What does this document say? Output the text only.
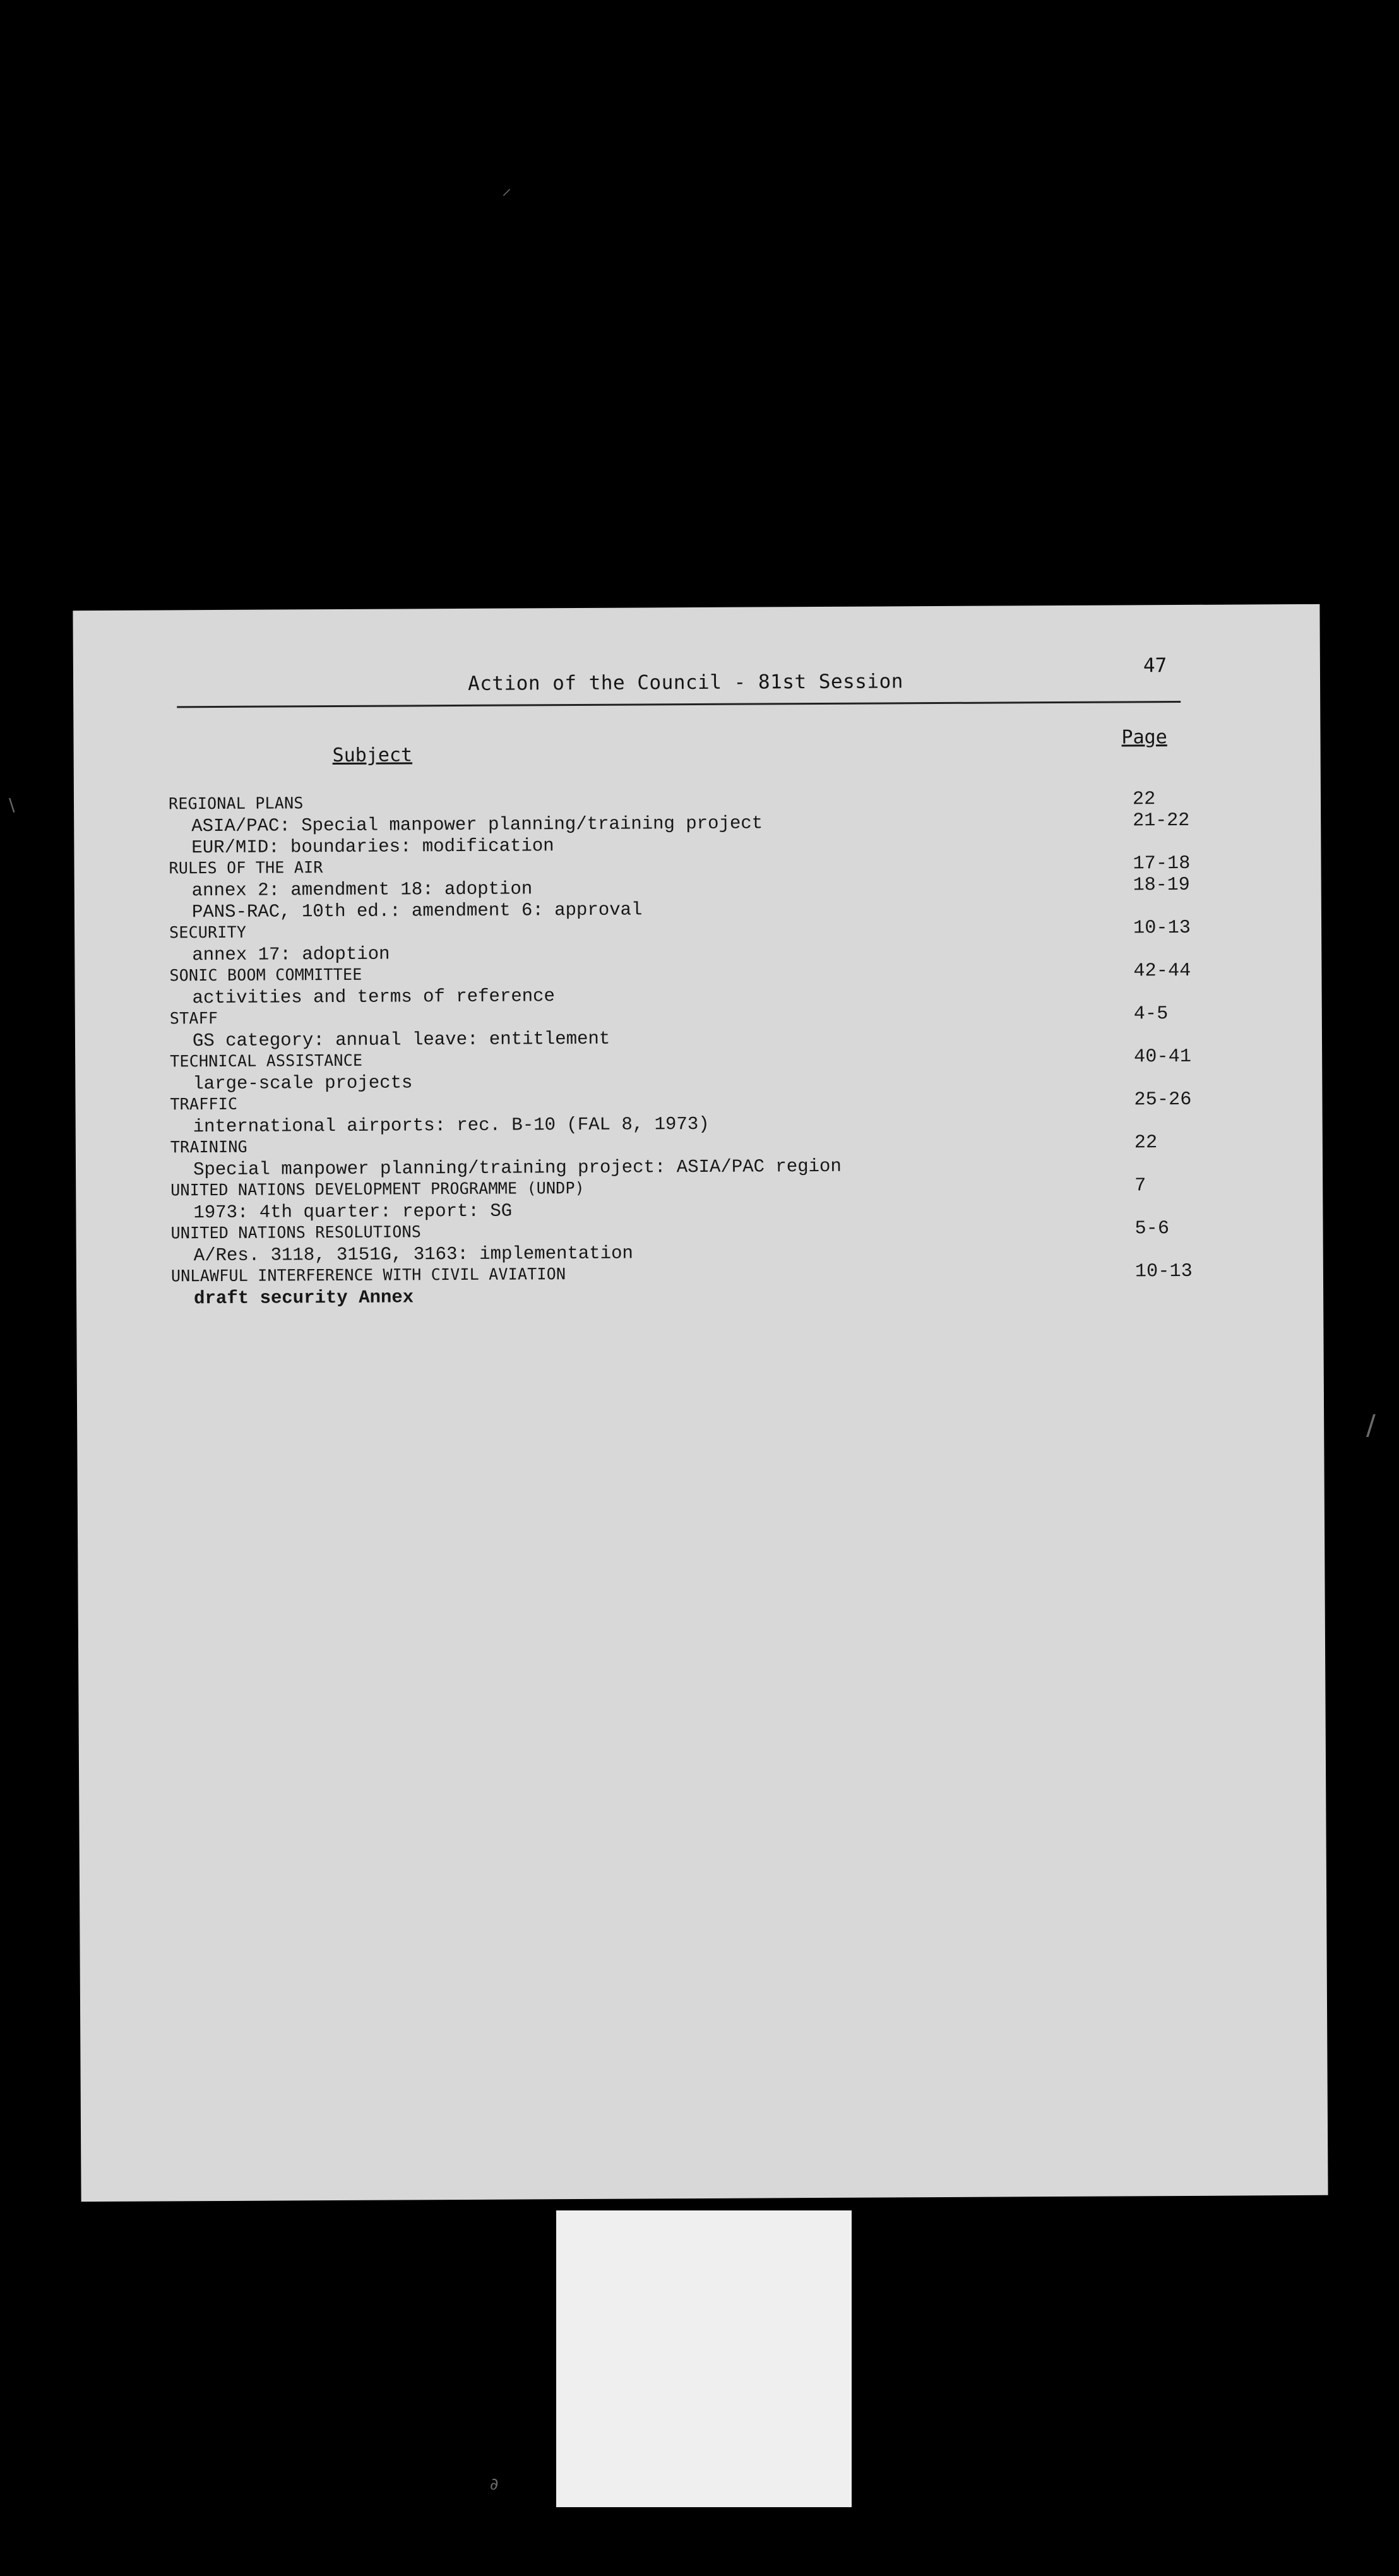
⸝
\
/
∂
47
Action of the Council - 81st Session
Subject
Page
REGIONAL PLANS	22
ASIA/PAC: Special manpower planning/training project	21-22
EUR/MID: boundaries: modification
RULES OF THE AIR	17-18
annex 2: amendment 18: adoption	18-19
PANS-RAC, 10th ed.: amendment 6: approval
SECURITY	10-13
annex 17: adoption
SONIC BOOM COMMITTEE	42-44
activities and terms of reference
STAFF	4-5
GS category: annual leave: entitlement
TECHNICAL ASSISTANCE	40-41
large-scale projects
TRAFFIC	25-26
international airports: rec. B-10 (FAL 8, 1973)
TRAINING	22
Special manpower planning/training project: ASIA/PAC region
UNITED NATIONS DEVELOPMENT PROGRAMME (UNDP)	7
1973: 4th quarter: report: SG
UNITED NATIONS RESOLUTIONS	5-6
A/Res. 3118, 3151G, 3163: implementation
UNLAWFUL INTERFERENCE WITH CIVIL AVIATION	10-13
draft security Annex
